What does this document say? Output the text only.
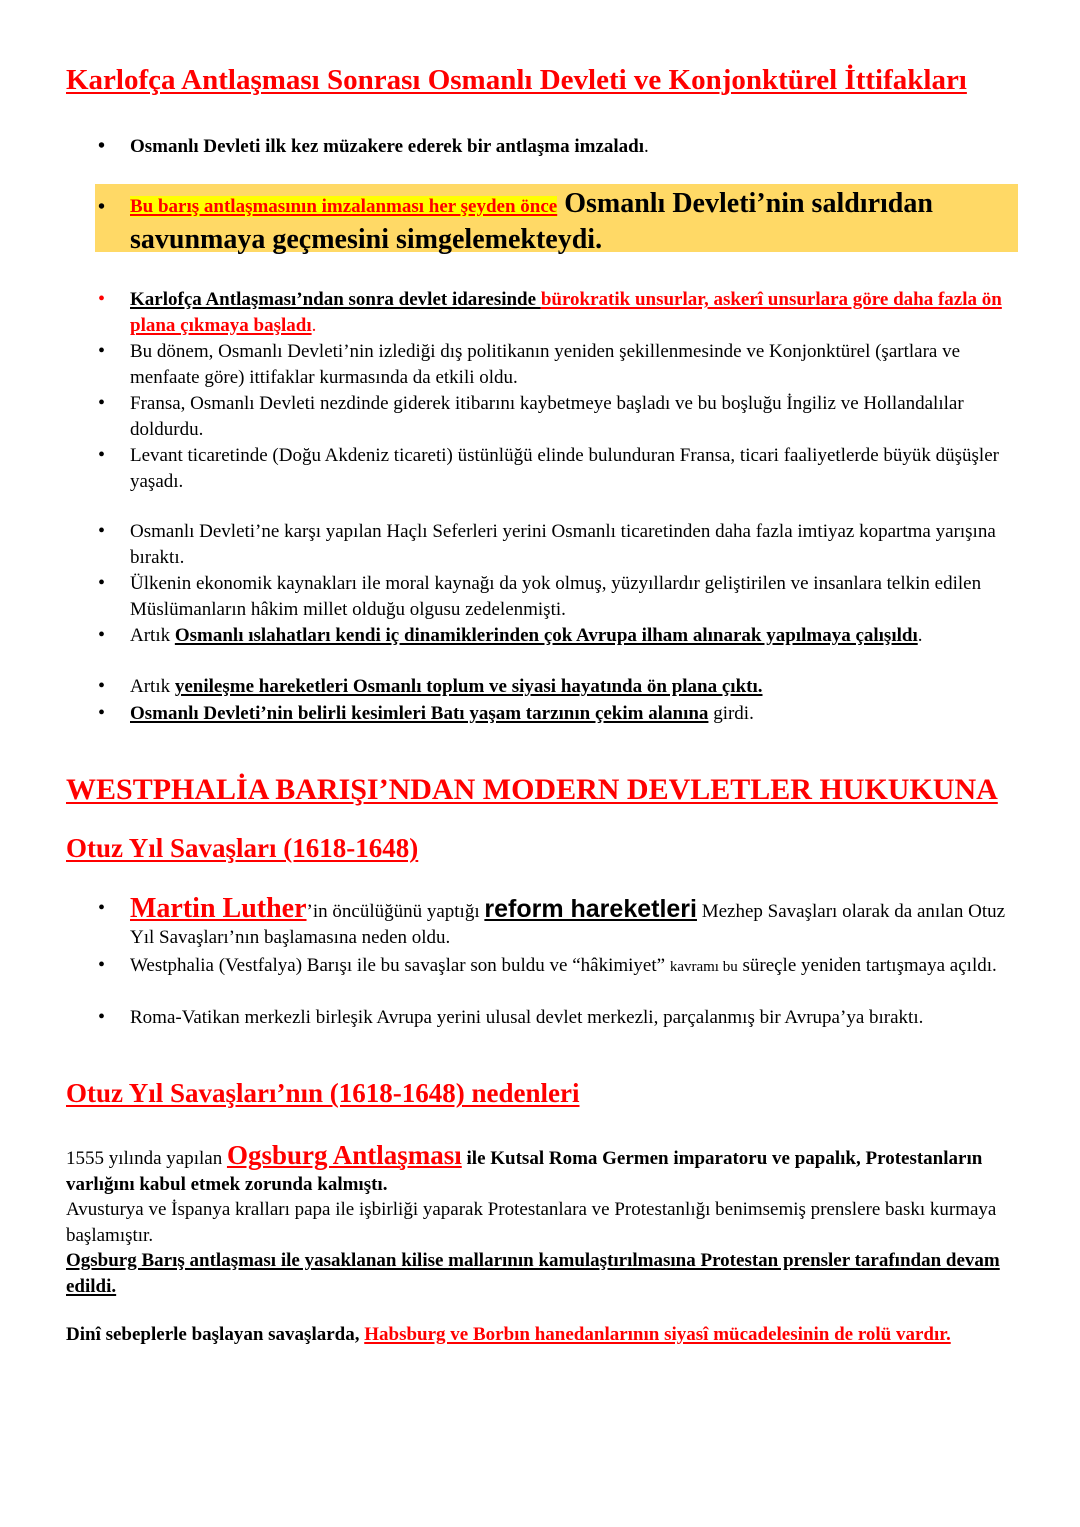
Karlofça Antlaşması Sonrası Osmanlı Devleti ve Konjonktürel İttifakları
• Osmanlı Devleti ilk kez müzakere ederek bir antlaşma imzaladı.
• Bu barış antlaşmasının imzalanması her şeyden önce Osmanlı Devleti’nin saldırıdan savunmaya geçmesini simgelemekteydi.
• Karlofça Antlaşması’ndan sonra devlet idaresinde bürokratik unsurlar, askerî unsurlara göre daha fazla ön plana çıkmaya başladı.
• Bu dönem, Osmanlı Devleti’nin izlediği dış politikanın yeniden şekillenmesinde ve Konjonktürel (şartlara ve menfaate göre) ittifaklar kurmasında da etkili oldu.
• Fransa, Osmanlı Devleti nezdinde giderek itibarını kaybetmeye başladı ve bu boşluğu İngiliz ve Hollandalılar doldurdu.
• Levant ticaretinde (Doğu Akdeniz ticareti) üstünlüğü elinde bulunduran Fransa, ticari faaliyetlerde büyük düşüşler yaşadı.
• Osmanlı Devleti’ne karşı yapılan Haçlı Seferleri yerini Osmanlı ticaretinden daha fazla imtiyaz kopartma yarışına bıraktı.
• Ülkenin ekonomik kaynakları ile moral kaynağı da yok olmuş, yüzyıllardır geliştirilen ve insanlara telkin edilen Müslümanların hâkim millet olduğu olgusu zedelenmişti.
• Artık Osmanlı ıslahatları kendi iç dinamiklerinden çok Avrupa ilham alınarak yapılmaya çalışıldı.
• Artık yenileşme hareketleri Osmanlı toplum ve siyasi hayatında ön plana çıktı.
• Osmanlı Devleti’nin belirli kesimleri Batı yaşam tarzının çekim alanına girdi.
WESTPHALİA BARIŞI’NDAN MODERN DEVLETLER HUKUKUNA
Otuz Yıl Savaşları (1618-1648)
• Martin Luther’in öncülüğünü yaptığı reform hareketleri Mezhep Savaşları olarak da anılan Otuz Yıl Savaşları’nın başlamasına neden oldu.
• Westphalia (Vestfalya) Barışı ile bu savaşlar son buldu ve “hâkimiyet” kavramı bu süreçle yeniden tartışmaya açıldı.
• Roma-Vatikan merkezli birleşik Avrupa yerini ulusal devlet merkezli, parçalanmış bir Avrupa’ya bıraktı.
Otuz Yıl Savaşları’nın (1618-1648) nedenleri
1555 yılında yapılan Ogsburg Antlaşması ile Kutsal Roma Germen imparatoru ve papalık, Protestanların varlığını kabul etmek zorunda kalmıştı.
Avusturya ve İspanya kralları papa ile işbirliği yaparak Protestanlara ve Protestanlığı benimsemiş prenslere baskı kurmaya başlamıştır.
Ogsburg Barış antlaşması ile yasaklanan kilise mallarının kamulaştırılmasına Protestan prensler tarafından devam edildi.
Dinî sebeplerle başlayan savaşlarda, Habsburg ve Borbın hanedanlarının siyasî mücadelesinin de rolü vardır.
